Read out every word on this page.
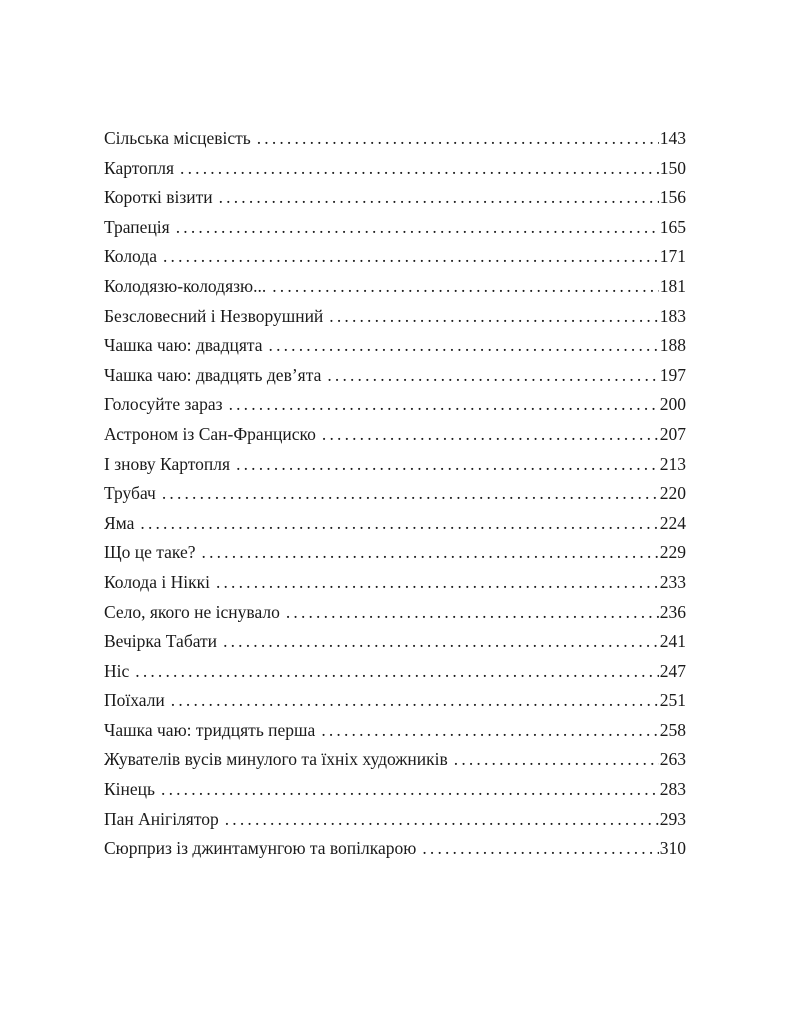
Сільська місцевість . . .	143
Картопля . . .	150
Короткі візити . . .	156
Трапеція . . .	165
Колода . . .	171
Колодязю-колодязю... . . .	181
Безсловесний і Незворушний . . .	183
Чашка чаю: двадцята . . .	188
Чашка чаю: двадцять дев’ята . . .	197
Голосуйте зараз . . .	200
Астроном із Сан-Франциско . . .	207
І знову Картопля . . .	213
Трубач . . .	220
Яма . . .	224
Що це таке? . . .	229
Колода і Ніккі . . .	233
Село, якого не існувало . . .	236
Вечірка Табати . . .	241
Ніс . . .	247
Поїхали . . .	251
Чашка чаю: тридцять перша . . .	258
Жувателів вусів минулого та їхніх художників . . .	263
Кінець . . .	283
Пан Анігілятор . . .	293
Сюрприз із джинтамунгою та вопілкарою . . .	310
